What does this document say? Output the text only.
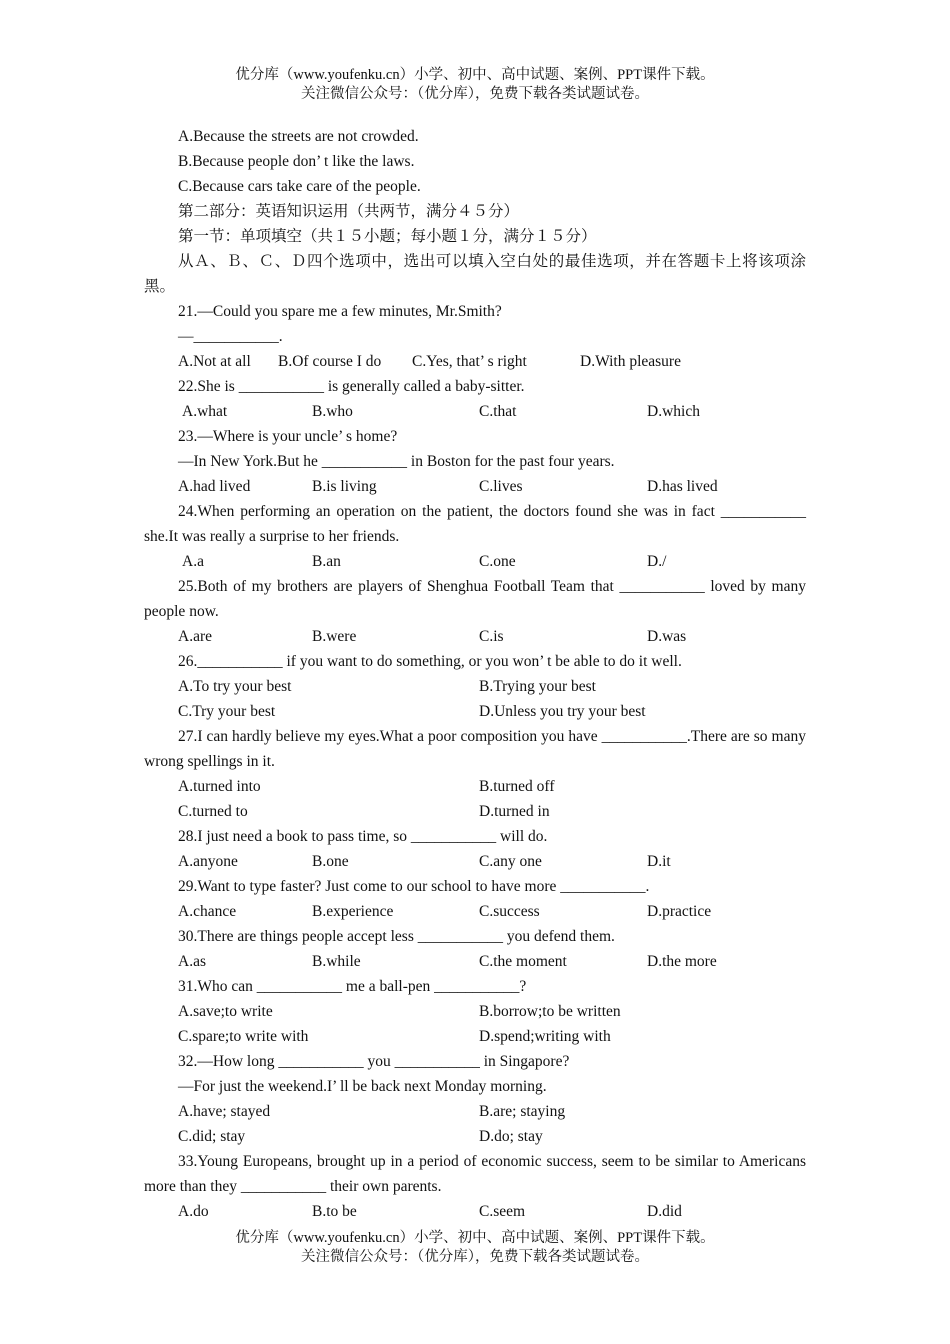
优分库（www.youfenku.cn）小学、初中、高中试题、案例、PPT课件下载。
关注微信公众号：（优分库），免费下载各类试题试卷。
A.Because the streets are not crowded.
B.Because people don’ t like the laws.
C.Because cars take care of the people.
第二部分：英语知识运用（共两节，满分４５分）
第一节：单项填空（共１５小题；每小题１分，满分１５分）
从Ａ、Ｂ、Ｃ、Ｄ四个选项中，选出可以填入空白处的最佳选项，并在答题卡上将该项涂黑。
21.—Could you spare me a few minutes, Mr.Smith?
—___________.
A.Not at all B.Of course I do C.Yes, that’ s right	D.With pleasure
22.She is ___________ is generally called a baby-sitter.
A.what	B.who	C.that	D.which
23.—Where is your uncle’ s home?
—In New York.But he ___________ in Boston for the past four years.
A.had lived	B.is living	C.lives	D.has lived
24.When performing an operation on the patient, the doctors found she was in fact ___________ she.It was really a surprise to her friends.
A.a	B.an	C.one	D./
25.Both of my brothers are players of Shenghua Football Team that ___________ loved by many people now.
A.are	B.were	C.is	D.was
26.___________ if you want to do something, or you won’ t be able to do it well.
A.To try your best	B.Trying your best
C.Try your best	D.Unless you try your best
27.I can hardly believe my eyes.What a poor composition you have ___________.There are so many wrong spellings in it.
A.turned into	B.turned off
C.turned to	D.turned in
28.I just need a book to pass time, so ___________ will do.
A.anyone	B.one	C.any one	D.it
29.Want to type faster? Just come to our school to have more ___________.
A.chance	B.experience	C.success	D.practice
30.There are things people accept less ___________ you defend them.
A.as	B.while	C.the moment	D.the more
31.Who can ___________ me a ball-pen ___________?
A.save;to write	B.borrow;to be written
C.spare;to write with	D.spend;writing with
32.—How long ___________ you ___________ in Singapore?
—For just the weekend.I’ ll be back next Monday morning.
A.have; stayed	B.are; staying
C.did; stay	D.do; stay
33.Young Europeans, brought up in a period of economic success, seem to be similar to Americans more than they ___________ their own parents.
A.do	B.to be	C.seem	D.did
优分库（www.youfenku.cn）小学、初中、高中试题、案例、PPT课件下载。
关注微信公众号：（优分库），免费下载各类试题试卷。
